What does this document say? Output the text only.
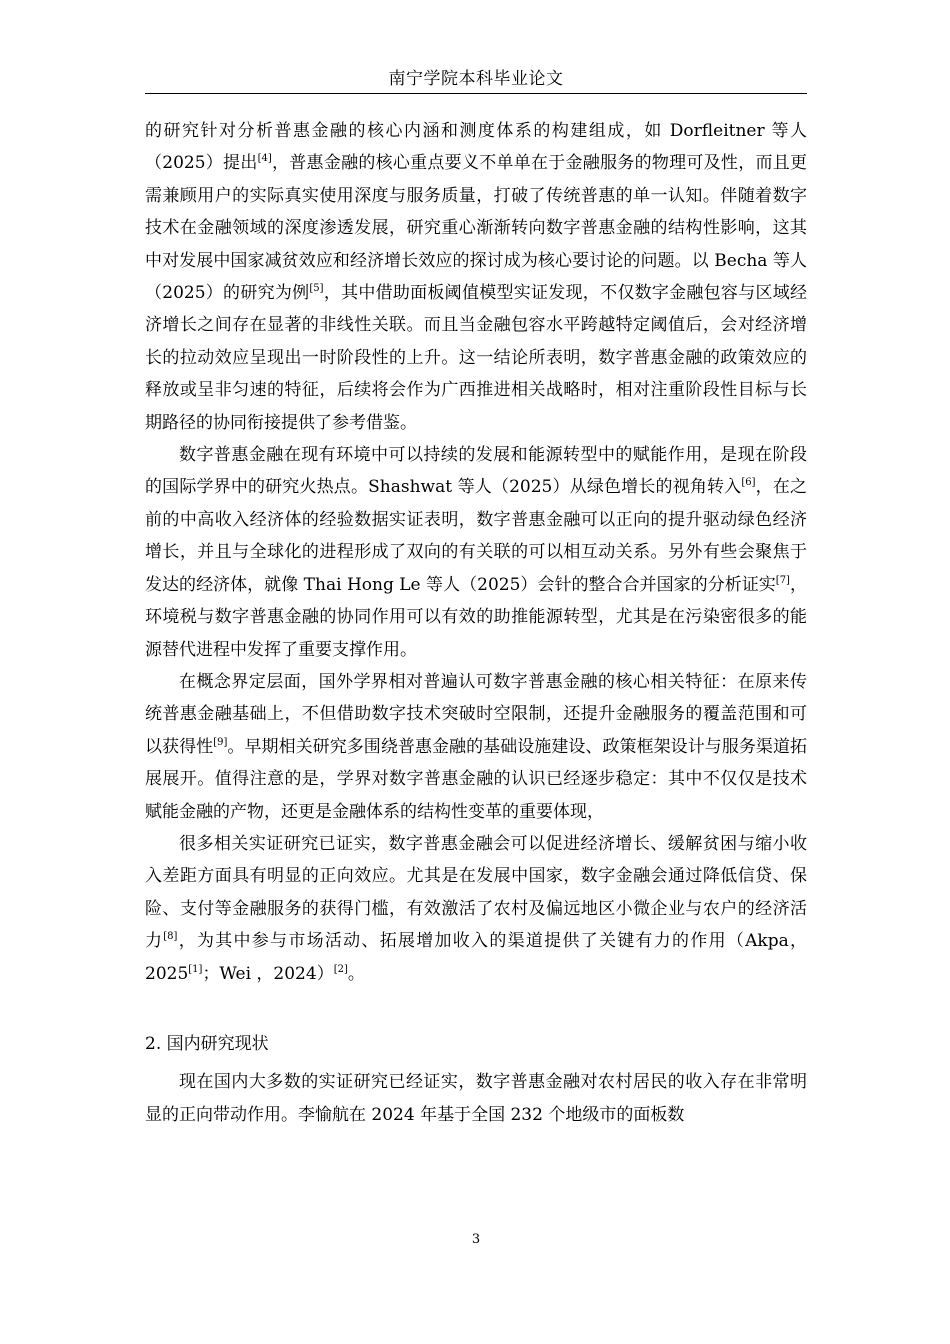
南宁学院本科毕业论文

的研究针对分析普惠金融的核心内涵和测度体系的构建组成，如 Dorfleitner 等人（2025）提出[4]，普惠金融的核心重点要义不单单在于金融服务的物理可及性，而且更需兼顾用户的实际真实使用深度与服务质量，打破了传统普惠的单一认知。伴随着数字技术在金融领域的深度渗透发展，研究重心渐渐转向数字普惠金融的结构性影响，这其中对发展中国家减贫效应和经济增长效应的探讨成为核心要讨论的问题。以 Becha 等人（2025）的研究为例[5]，其中借助面板阈值模型实证发现，不仅数字金融包容与区域经济增长之间存在显著的非线性关联。而且当金融包容水平跨越特定阈值后，会对经济增长的拉动效应呈现出一时阶段性的上升。这一结论所表明，数字普惠金融的政策效应的释放或呈非匀速的特征，后续将会作为广西推进相关战略时，相对注重阶段性目标与长期路径的协同衔接提供了参考借鉴。

数字普惠金融在现有环境中可以持续的发展和能源转型中的赋能作用，是现在阶段的国际学界中的研究火热点。Shashwat 等人（2025）从绿色增长的视角转入[6]，在之前的中高收入经济体的经验数据实证表明，数字普惠金融可以正向的提升驱动绿色经济增长，并且与全球化的进程形成了双向的有关联的可以相互动关系。另外有些会聚焦于发达的经济体，就像 Thai Hong Le 等人（2025）会针的整合合并国家的分析证实[7]，环境税与数字普惠金融的协同作用可以有效的助推能源转型，尤其是在污染密很多的能源替代进程中发挥了重要支撑作用。

在概念界定层面，国外学界相对普遍认可数字普惠金融的核心相关特征：在原来传统普惠金融基础上，不但借助数字技术突破时空限制，还提升金融服务的覆盖范围和可以获得性[9]。早期相关研究多围绕普惠金融的基础设施建设、政策框架设计与服务渠道拓展展开。值得注意的是，学界对数字普惠金融的认识已经逐步稳定：其中不仅仅是技术赋能金融的产物，还更是金融体系的结构性变革的重要体现，

很多相关实证研究已证实，数字普惠金融会可以促进经济增长、缓解贫困与缩小收入差距方面具有明显的正向效应。尤其是在发展中国家，数字金融会通过降低信贷、保险、支付等金融服务的获得门槛，有效激活了农村及偏远地区小微企业与农户的经济活力[8]，为其中参与市场活动、拓展增加收入的渠道提供了关键有力的作用（Akpa，2025[1]；Wei ，2024）[2]。

2. 国内研究现状

现在国内大多数的实证研究已经证实，数字普惠金融对农村居民的收入存在非常明显的正向带动作用。李愉航在 2024 年基于全国 232 个地级市的面板数

3
